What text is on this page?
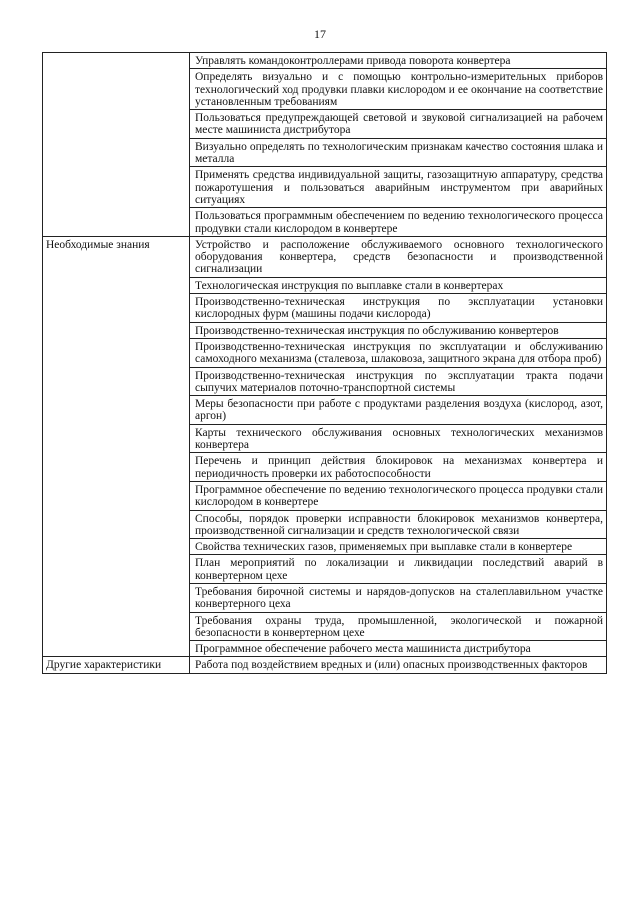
17
	Управлять командоконтроллерами привода поворота конвертера
	Определять визуально и с помощью контрольно-измерительных приборов технологический ход продувки плавки кислородом и ее окончание на соответствие установленным требованиям
	Пользоваться предупреждающей световой и звуковой сигнализацией на рабочем месте машиниста дистрибутора
	Визуально определять по технологическим признакам качество состояния шлака и металла
	Применять средства индивидуальной защиты, газозащитную аппаратуру, средства пожаротушения и пользоваться аварийным инструментом при аварийных ситуациях
	Пользоваться программным обеспечением по ведению технологического процесса продувки стали кислородом в конвертере
Необходимые знания	Устройство и расположение обслуживаемого основного технологического оборудования конвертера, средств безопасности и производственной сигнализации
	Технологическая инструкция по выплавке стали в конвертерах
	Производственно-техническая инструкция по эксплуатации установки кислородных фурм (машины подачи кислорода)
	Производственно-техническая инструкция по обслуживанию конвертеров
	Производственно-техническая инструкция по эксплуатации и обслуживанию самоходного механизма (сталевоза, шлаковоза, защитного экрана для отбора проб)
	Производственно-техническая инструкция по эксплуатации тракта подачи сыпучих материалов поточно-транспортной системы
	Меры безопасности при работе с продуктами разделения воздуха (кислород, азот, аргон)
	Карты технического обслуживания основных технологических механизмов конвертера
	Перечень и принцип действия блокировок на механизмах конвертера и периодичность проверки их работоспособности
	Программное обеспечение по ведению технологического процесса продувки стали кислородом в конвертере
	Способы, порядок проверки исправности блокировок механизмов конвертера, производственной сигнализации и средств технологической связи
	Свойства технических газов, применяемых при выплавке стали в конвертере
	План мероприятий по локализации и ликвидации последствий аварий в конвертерном цехе
	Требования бирочной системы и нарядов-допусков на сталеплавильном участке конвертерного цеха
	Требования охраны труда, промышленной, экологической и пожарной безопасности в конвертерном цехе
	Программное обеспечение рабочего места машиниста дистрибутора
Другие характеристики	Работа под воздействием вредных и (или) опасных производственных факторов
